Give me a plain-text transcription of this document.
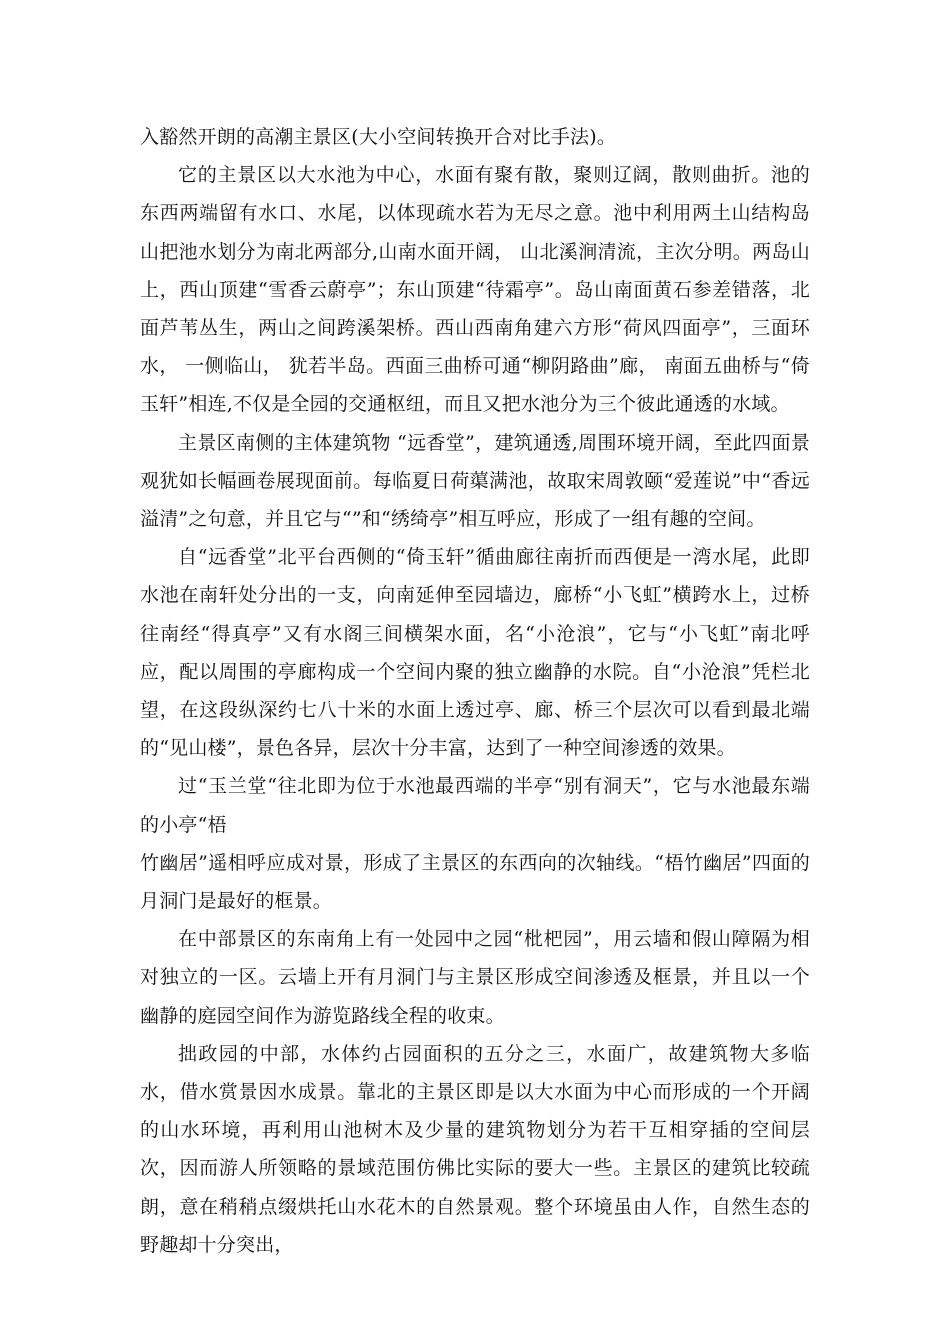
入豁然开朗的高潮主景区(大小空间转换开合对比手法)。

它的主景区以大水池为中心，水面有聚有散，聚则辽阔，散则曲折。池的东西两端留有水口、水尾，以体现疏水若为无尽之意。池中利用两土山结构岛山把池水划分为南北两部分,山南水面开阔， 山北溪涧清流，主次分明。两岛山上，西山顶建“雪香云蔚亭”；东山顶建“待霜亭”。岛山南面黄石参差错落，北面芦苇丛生，两山之间跨溪架桥。西山西南角建六方形“荷风四面亭”，三面环水， 一侧临山， 犹若半岛。西面三曲桥可通“柳阴路曲”廊， 南面五曲桥与“倚玉轩”相连,不仅是全园的交通枢纽，而且又把水池分为三个彼此通透的水域。

主景区南侧的主体建筑物 “远香堂”，建筑通透,周围环境开阔，至此四面景观犹如长幅画卷展现面前。每临夏日荷蕖满池，故取宋周敦颐“爱莲说”中“香远溢清”之句意，并且它与“”和“绣绮亭”相互呼应，形成了一组有趣的空间。

自“远香堂”北平台西侧的“倚玉轩”循曲廊往南折而西便是一湾水尾，此即水池在南轩处分出的一支，向南延伸至园墙边，廊桥“小飞虹”横跨水上，过桥往南经“得真亭”又有水阁三间横架水面，名“小沧浪”，它与“小飞虹”南北呼应，配以周围的亭廊构成一个空间内聚的独立幽静的水院。自“小沧浪”凭栏北望，在这段纵深约七八十米的水面上透过亭、廊、桥三个层次可以看到最北端的“见山楼”，景色各异，层次十分丰富，达到了一种空间渗透的效果。

过“玉兰堂“往北即为位于水池最西端的半亭“别有洞天”，它与水池最东端的小亭“梧

竹幽居”遥相呼应成对景，形成了主景区的东西向的次轴线。“梧竹幽居”四面的月洞门是最好的框景。

在中部景区的东南角上有一处园中之园“枇杷园”，用云墙和假山障隔为相对独立的一区。云墙上开有月洞门与主景区形成空间渗透及框景，并且以一个幽静的庭园空间作为游览路线全程的收束。

拙政园的中部，水体约占园面积的五分之三，水面广，故建筑物大多临水，借水赏景因水成景。靠北的主景区即是以大水面为中心而形成的一个开阔的山水环境，再利用山池树木及少量的建筑物划分为若干互相穿插的空间层次，因而游人所领略的景域范围仿佛比实际的要大一些。主景区的建筑比较疏朗，意在稍稍点缀烘托山水花木的自然景观。整个环境虽由人作，自然生态的野趣却十分突出，
